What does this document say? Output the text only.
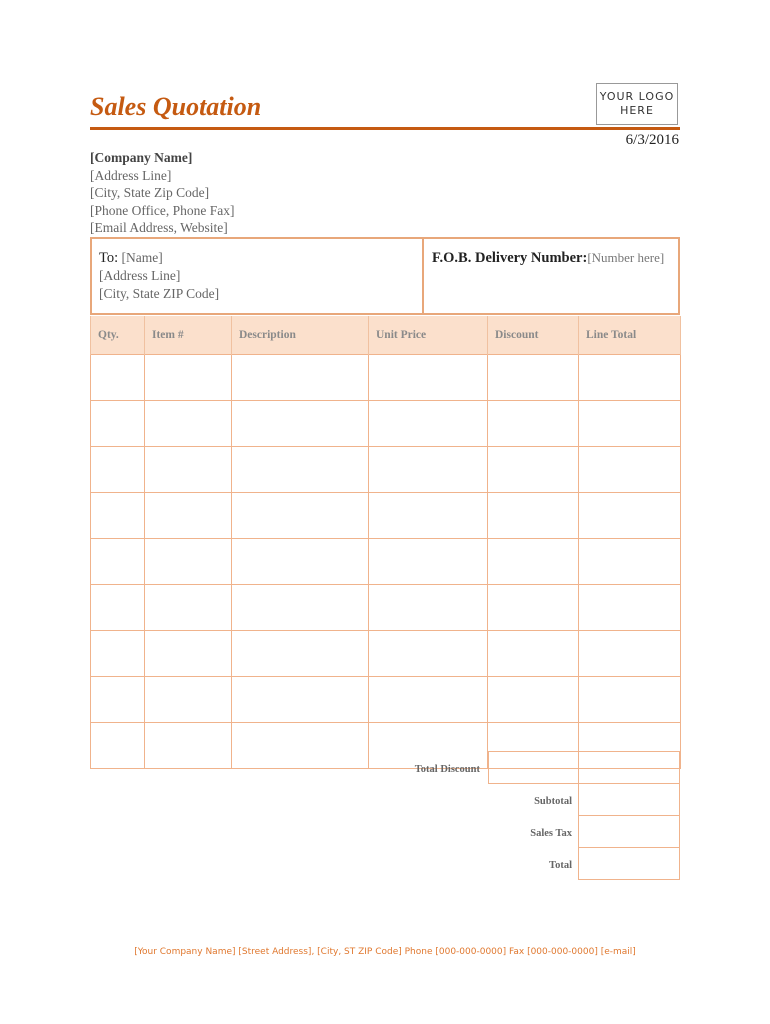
Sales Quotation	YOUR LOGO
HERE
6/3/2016
[Company Name]
[Address Line]
[City, State Zip Code]
[Phone Office, Phone Fax]
[Email Address, Website]
To: [Name]
[Address Line]
[City, State ZIP Code]
F.O.B. Delivery Number:[Number here]
Qty.	Item #	Description	Unit Price	Discount	Line Total

Total Discount
Subtotal
Sales Tax
Total
[Your Company Name] [Street Address], [City, ST ZIP Code] Phone [000-000-0000] Fax [000-000-0000] [e-mail]
